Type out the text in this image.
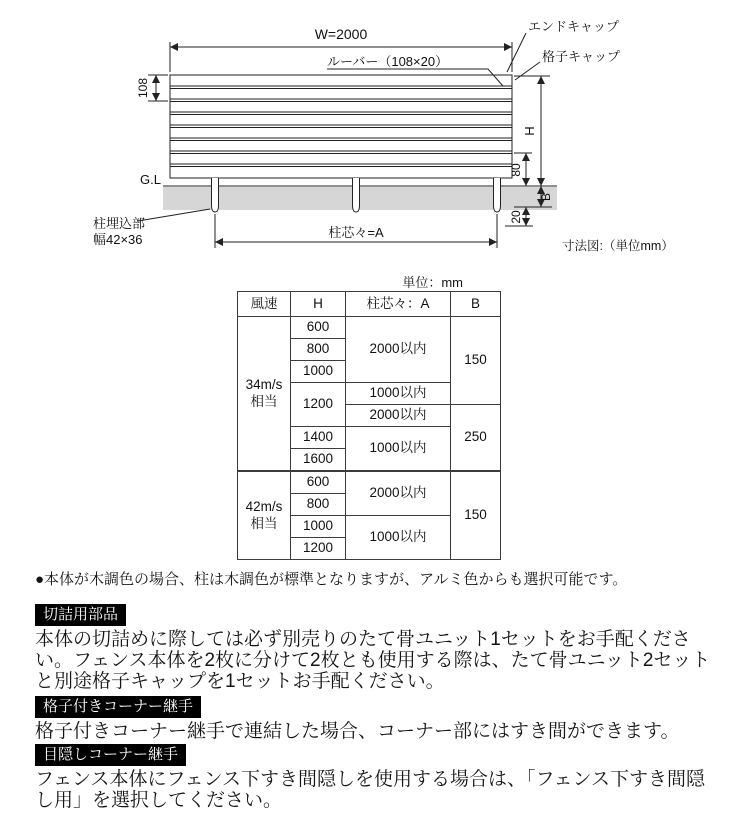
W=2000
ルーバー（108×20）
エンドキャップ
格子キャップ
108
G.L
H
80
B
20
柱芯々=A
柱埋込部
幅42×36	寸法図:（単位mm）
単位：mm
風速	H	柱芯々：A	B
34m/s相当	600	2000以内	150
	800		
	1000		
	1200	1000以内	
		2000以内	250
	1400	1000以内	
	1600		
42m/s相当	600	2000以内	150
	800		
	1000	1000以内	
	1200		
●本体が木調色の場合、柱は木調色が標準となりますが、アルミ色からも選択可能です。
切詰用部品
本体の切詰めに際しては必ず別売りのたて骨ユニット1セットをお手配ください。フェンス本体を2枚に分けて2枚とも使用する際は、たて骨ユニット2セットと別途格子キャップを1セットお手配ください。
格子付きコーナー継手
格子付きコーナー継手で連結した場合、コーナー部にはすき間ができます。
目隠しコーナー継手
フェンス本体にフェンス下すき間隠しを使用する場合は、「フェンス下すき間隠し用」を選択してください。
